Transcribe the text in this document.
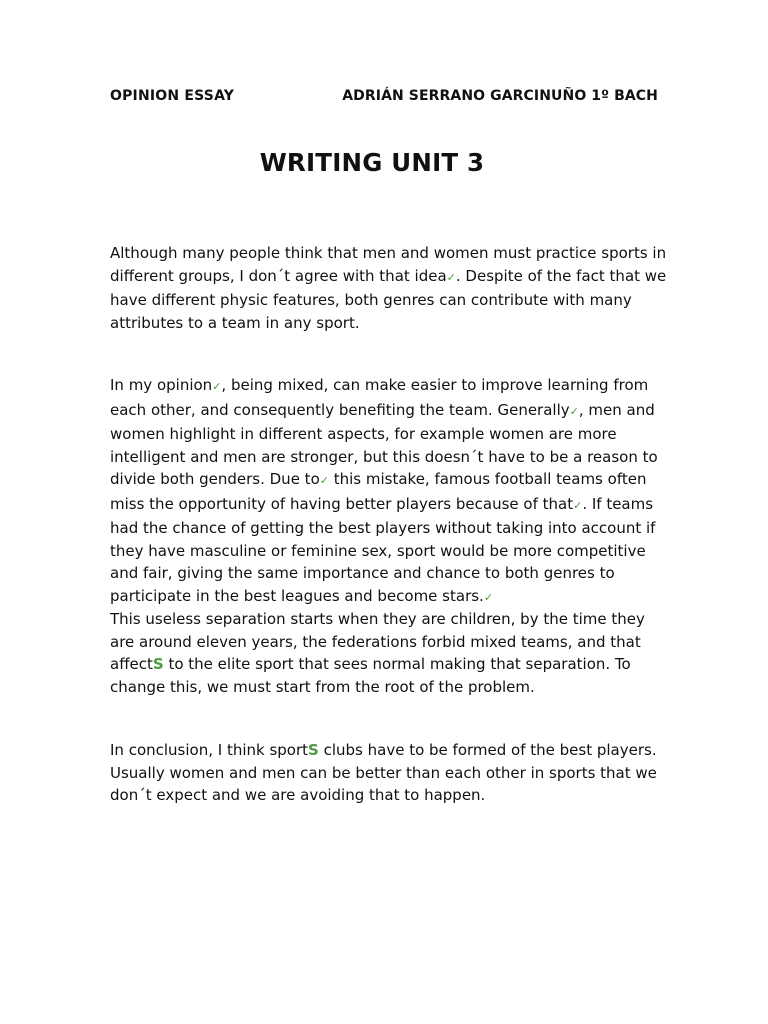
OPINION ESSAY	ADRIÁN SERRANO GARCINUÑO 1º BACH
WRITING UNIT 3

Although many people think that men and women must practice sports in different groups, I don´t agree with that idea✓. Despite of the fact that we have different physic features, both genres can contribute with many attributes to a team in any sport.

In my opinion✓, being mixed, can make easier to improve learning from each other, and consequently benefiting the team. Generally✓, men and women highlight in different aspects, for example women are more intelligent and men are stronger, but this doesn´t have to be a reason to divide both genders. Due to✓ this mistake, famous football teams often miss the opportunity of having better players because of that✓. If teams had the chance of getting the best players without taking into account if they have masculine or feminine sex, sport would be more competitive and fair, giving the same importance and chance to both genres to participate in the best leagues and become stars.✓

This useless separation starts when they are children, by the time they are around eleven years, the federations forbid mixed teams, and that affectS to the elite sport that sees normal making that separation. To change this, we must start from the root of the problem.

In conclusion, I think sportS clubs have to be formed of the best players. Usually women and men can be better than each other in sports that we don´t expect and we are avoiding that to happen.
